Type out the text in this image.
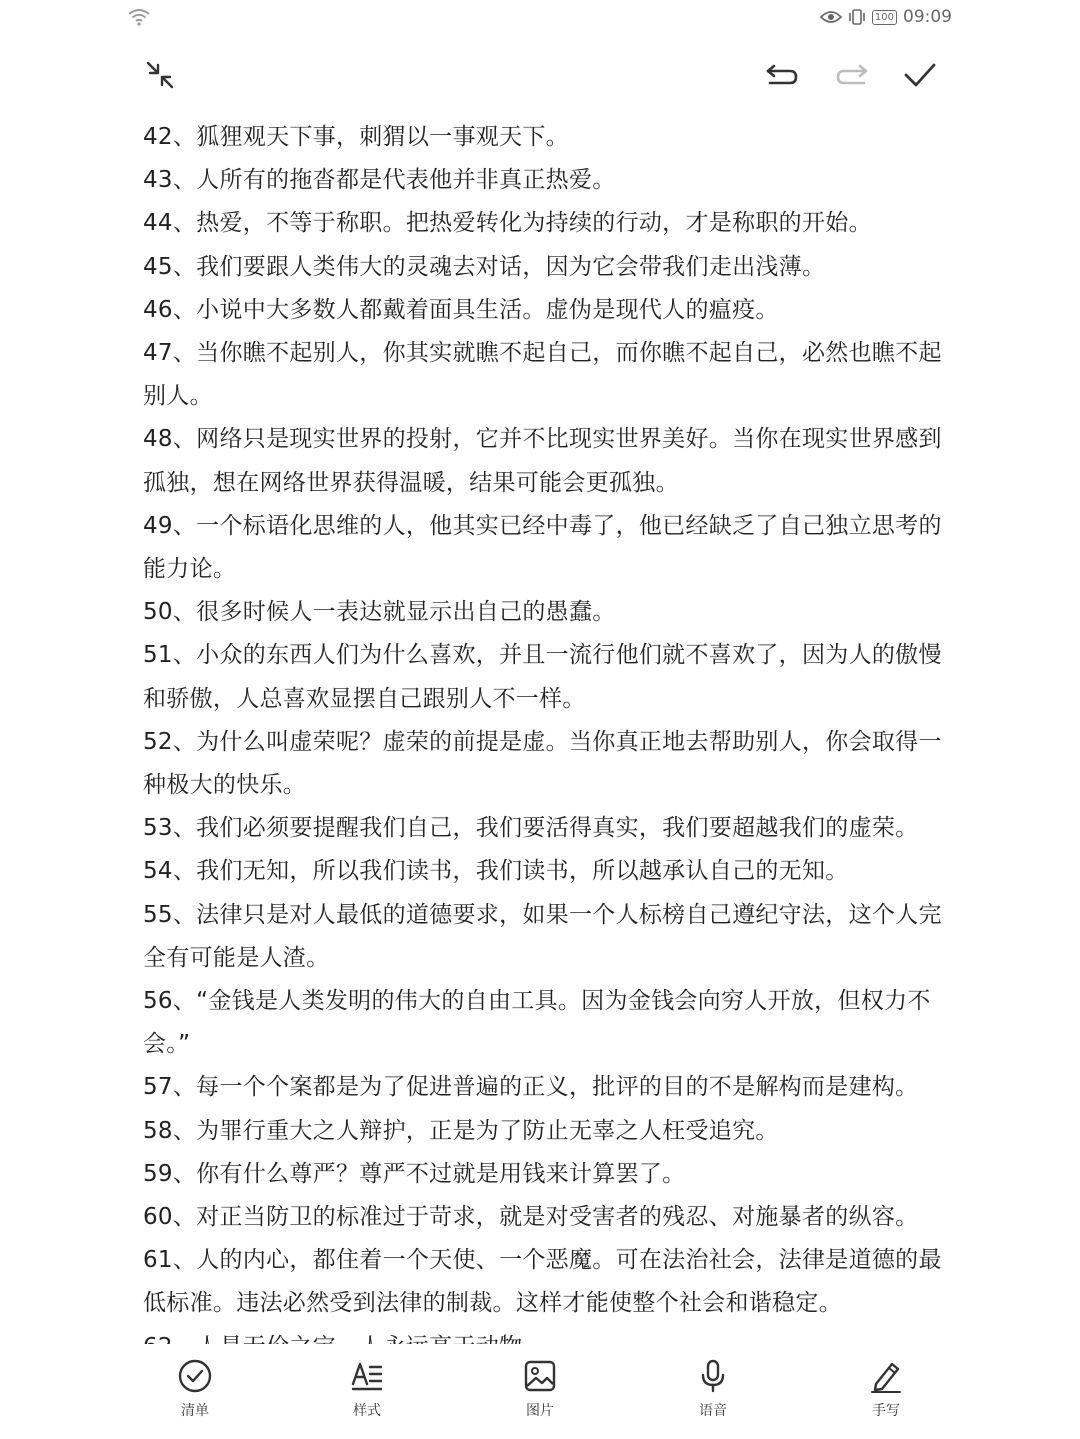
100 09:09

42、狐狸观天下事，刺猬以一事观天下。

43、人所有的拖沓都是代表他并非真正热爱。

44、热爱，不等于称职。把热爱转化为持续的行动，才是称职的开始。

45、我们要跟人类伟大的灵魂去对话，因为它会带我们走出浅薄。

46、小说中大多数人都戴着面具生活。虚伪是现代人的瘟疫。

47、当你瞧不起别人，你其实就瞧不起自己，而你瞧不起自己，必然也瞧不起别人。

48、网络只是现实世界的投射，它并不比现实世界美好。当你在现实世界感到孤独，想在网络世界获得温暖，结果可能会更孤独。

49、一个标语化思维的人，他其实已经中毒了，他已经缺乏了自己独立思考的能力论。

50、很多时候人一表达就显示出自己的愚蠢。

51、小众的东西人们为什么喜欢，并且一流行他们就不喜欢了，因为人的傲慢和骄傲，人总喜欢显摆自己跟别人不一样。

52、为什么叫虚荣呢？虚荣的前提是虚。当你真正地去帮助别人，你会取得一种极大的快乐。

53、我们必须要提醒我们自己，我们要活得真实，我们要超越我们的虚荣。

54、我们无知，所以我们读书，我们读书，所以越承认自己的无知。

55、法律只是对人最低的道德要求，如果一个人标榜自己遵纪守法，这个人完全有可能是人渣。

56、“金钱是人类发明的伟大的自由工具。因为金钱会向穷人开放，但权力不会。”

57、每一个个案都是为了促进普遍的正义，批评的目的不是解构而是建构。

58、为罪行重大之人辩护，正是为了防止无辜之人枉受追究。

59、你有什么尊严？尊严不过就是用钱来计算罢了。

60、对正当防卫的标准过于苛求，就是对受害者的残忍、对施暴者的纵容。

61、人的内心，都住着一个天使、一个恶魔。可在法治社会，法律是道德的最低标准。违法必然受到法律的制裁。这样才能使整个社会和谐稳定。

清单	样式	图片	语音	手写
